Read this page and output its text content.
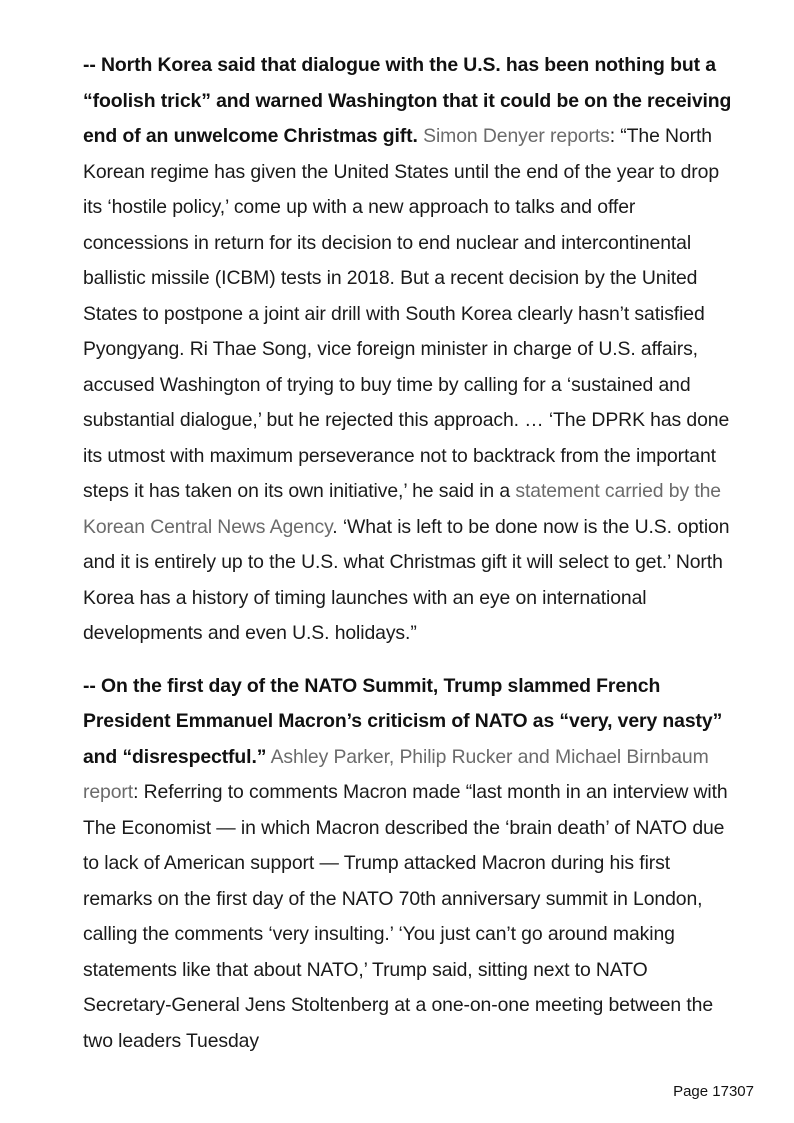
-- North Korea said that dialogue with the U.S. has been nothing but a “foolish trick” and warned Washington that it could be on the receiving end of an unwelcome Christmas gift. Simon Denyer reports: “The North Korean regime has given the United States until the end of the year to drop its ‘hostile policy,’ come up with a new approach to talks and offer concessions in return for its decision to end nuclear and intercontinental ballistic missile (ICBM) tests in 2018. But a recent decision by the United States to postpone a joint air drill with South Korea clearly hasn’t satisfied Pyongyang. Ri Thae Song, vice foreign minister in charge of U.S. affairs, accused Washington of trying to buy time by calling for a ‘sustained and substantial dialogue,’ but he rejected this approach. … ‘The DPRK has done its utmost with maximum perseverance not to backtrack from the important steps it has taken on its own initiative,’ he said in a statement carried by the Korean Central News Agency. ‘What is left to be done now is the U.S. option and it is entirely up to the U.S. what Christmas gift it will select to get.’ North Korea has a history of timing launches with an eye on international developments and even U.S. holidays.”

-- On the first day of the NATO Summit, Trump slammed French President Emmanuel Macron’s criticism of NATO as “very, very nasty” and “disrespectful.” Ashley Parker, Philip Rucker and Michael Birnbaum report: Referring to comments Macron made “last month in an interview with The Economist — in which Macron described the ‘brain death’ of NATO due to lack of American support — Trump attacked Macron during his first remarks on the first day of the NATO 70th anniversary summit in London, calling the comments ‘very insulting.’ ‘You just can’t go around making statements like that about NATO,’ Trump said, sitting next to NATO Secretary-General Jens Stoltenberg at a one-on-one meeting between the two leaders Tuesday

Page 17307
